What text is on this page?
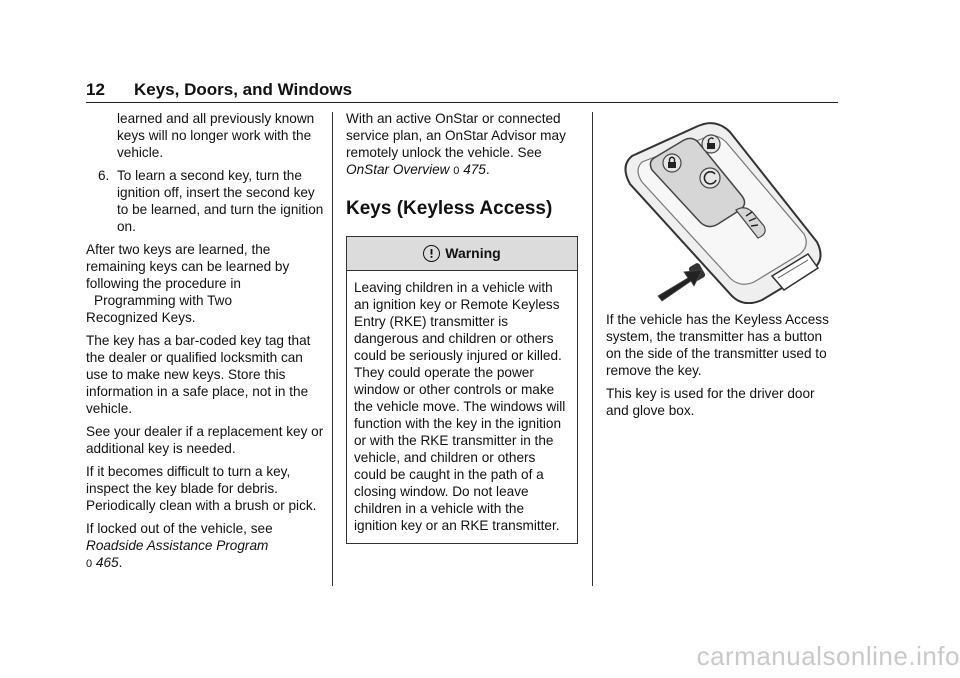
12 Keys, Doors, and Windows

learned and all previously known keys will no longer work with the vehicle.

6. To learn a second key, turn the ignition off, insert the second key to be learned, and turn the ignition on.

After two keys are learned, the remaining keys can be learned by following the procedure in
Programming with Two
Recognized Keys.

The key has a bar-coded key tag that the dealer or qualified locksmith can use to make new keys. Store this information in a safe place, not in the vehicle.

See your dealer if a replacement key or additional key is needed.

If it becomes difficult to turn a key, inspect the key blade for debris. Periodically clean with a brush or pick.

If locked out of the vehicle, see
Roadside Assistance Program
0 465.

With an active OnStar or connected service plan, an OnStar Advisor may remotely unlock the vehicle. See OnStar Overview 0 475.

Keys (Keyless Access)
Warning
Leaving children in a vehicle with an ignition key or Remote Keyless Entry (RKE) transmitter is dangerous and children or others could be seriously injured or killed. They could operate the power window or other controls or make the vehicle move. The windows will function with the key in the ignition or with the RKE transmitter in the vehicle, and children or others could be caught in the path of a closing window. Do not leave children in a vehicle with the ignition key or an RKE transmitter.

If the vehicle has the Keyless Access system, the transmitter has a button on the side of the transmitter used to remove the key.

This key is used for the driver door and glove box.

carmanualsonline.info
